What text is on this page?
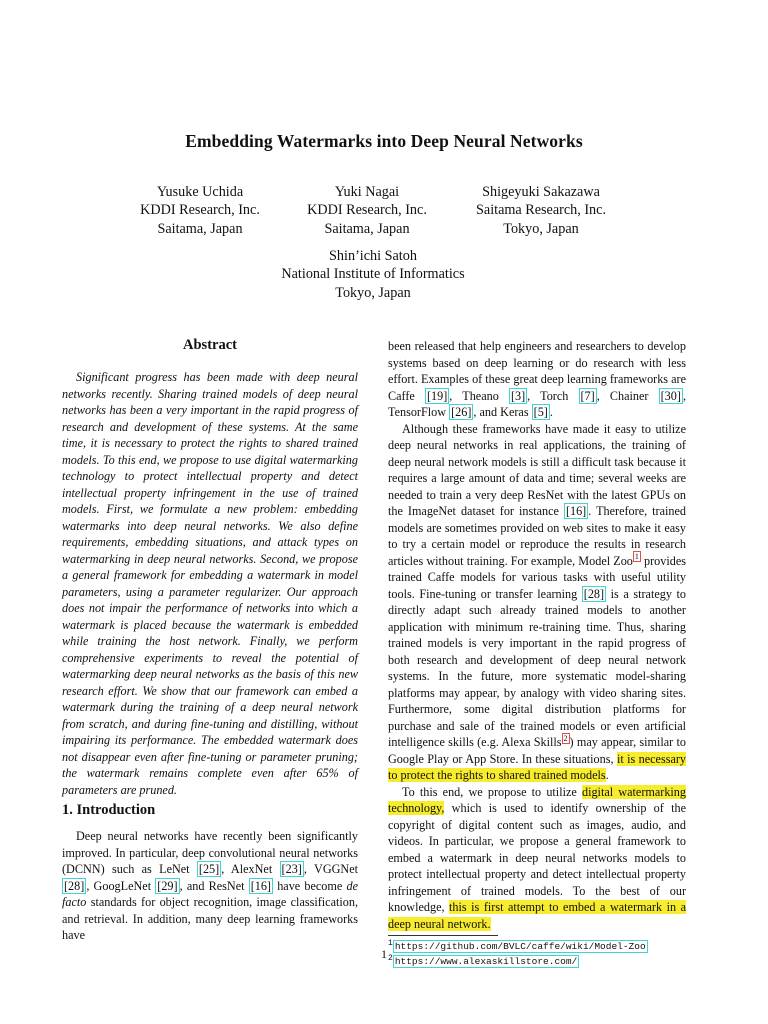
Embedding Watermarks into Deep Neural Networks
Yusuke Uchida
KDDI Research, Inc.
Saitama, Japan
Yuki Nagai
KDDI Research, Inc.
Saitama, Japan
Shigeyuki Sakazawa
Saitama Research, Inc.
Tokyo, Japan
Shin’ichi Satoh
National Institute of Informatics
Tokyo, Japan
Abstract

Significant progress has been made with deep neural networks recently. Sharing trained models of deep neural networks has been a very important in the rapid progress of research and development of these systems. At the same time, it is necessary to protect the rights to shared trained models. To this end, we propose to use digital watermarking technology to protect intellectual property and detect intellectual property infringement in the use of trained models. First, we formulate a new problem: embedding watermarks into deep neural networks. We also define requirements, embedding situations, and attack types on watermarking in deep neural networks. Second, we propose a general framework for embedding a watermark in model parameters, using a parameter regularizer. Our approach does not impair the performance of networks into which a watermark is placed because the watermark is embedded while training the host network. Finally, we perform comprehensive experiments to reveal the potential of watermarking deep neural networks as the basis of this new research effort. We show that our framework can embed a watermark during the training of a deep neural network from scratch, and during fine-tuning and distilling, without impairing its performance. The embedded watermark does not disappear even after fine-tuning or parameter pruning; the watermark remains complete even after 65% of parameters are pruned.

1. Introduction

Deep neural networks have recently been significantly improved. In particular, deep convolutional neural networks (DCNN) such as LeNet [25] , AlexNet [23] , VGGNet [28] , GoogLeNet [29] , and ResNet [16] have become de facto standards for object recognition, image classification, and retrieval. In addition, many deep learning frameworks have

been released that help engineers and researchers to develop systems based on deep learning or do research with less effort. Examples of these great deep learning frameworks are Caffe [19] , Theano [3] , Torch [7] , Chainer [30] , TensorFlow [26] , and Keras [5] .

Although these frameworks have made it easy to utilize deep neural networks in real applications, the training of deep neural network models is still a difficult task because it requires a large amount of data and time; several weeks are needed to train a very deep ResNet with the latest GPUs on the ImageNet dataset for instance [16] . Therefore, trained models are sometimes provided on web sites to make it easy to try a certain model or reproduce the results in research articles without training. For example, Model Zoo $^1$ provides trained Caffe models for various tasks with useful utility tools. Fine-tuning or transfer learning [28] is a strategy to directly adapt such already trained models to another application with minimum re-training time. Thus, sharing trained models is very important in the rapid progress of both research and development of deep neural network systems. In the future, more systematic model-sharing platforms may appear, by analogy with video sharing sites. Furthermore, some digital distribution platforms for purchase and sale of the trained models or even artificial intelligence skills (e.g. Alexa Skills $^2$ ) may appear, similar to Google Play or App Store. In these situations, it is necessary to protect the rights to shared trained models.

To this end, we propose to utilize digital watermarking technology, which is used to identify ownership of the copyright of digital content such as images, audio, and videos. In particular, we propose a general framework to embed a watermark in deep neural networks models to protect intellectual property and detect intellectual property infringement of trained models. To the best of our knowledge, this is first attempt to embed a watermark in a deep neural network.

$^1$ https://github.com/BVLC/caffe/wiki/Model-Zoo
$^2$ https://www.alexaskillstore.com/
1
